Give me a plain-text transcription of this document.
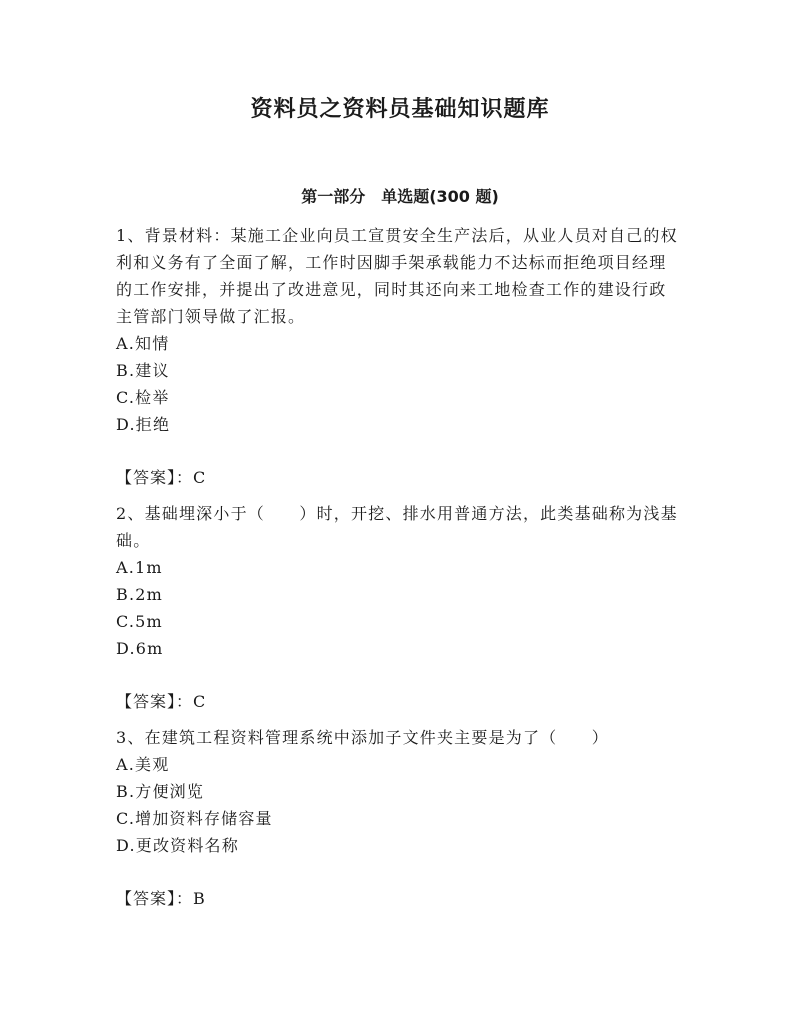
资料员之资料员基础知识题库
第一部分　单选题(300 题)

1、背景材料：某施工企业向员工宣贯安全生产法后，从业人员对自己的权利和义务有了全面了解，工作时因脚手架承载能力不达标而拒绝项目经理的工作安排，并提出了改进意见，同时其还向来工地检查工作的建设行政主管部门领导做了汇报。

A.知情

B.建议

C.检举

D.拒绝

【答案】：C

2、基础埋深小于（　　）时，开挖、排水用普通方法，此类基础称为浅基础。

A.1m

B.2m

C.5m

D.6m

【答案】：C

3、在建筑工程资料管理系统中添加子文件夹主要是为了（　　）

A.美观

B.方便浏览

C.增加资料存储容量

D.更改资料名称

【答案】：B
